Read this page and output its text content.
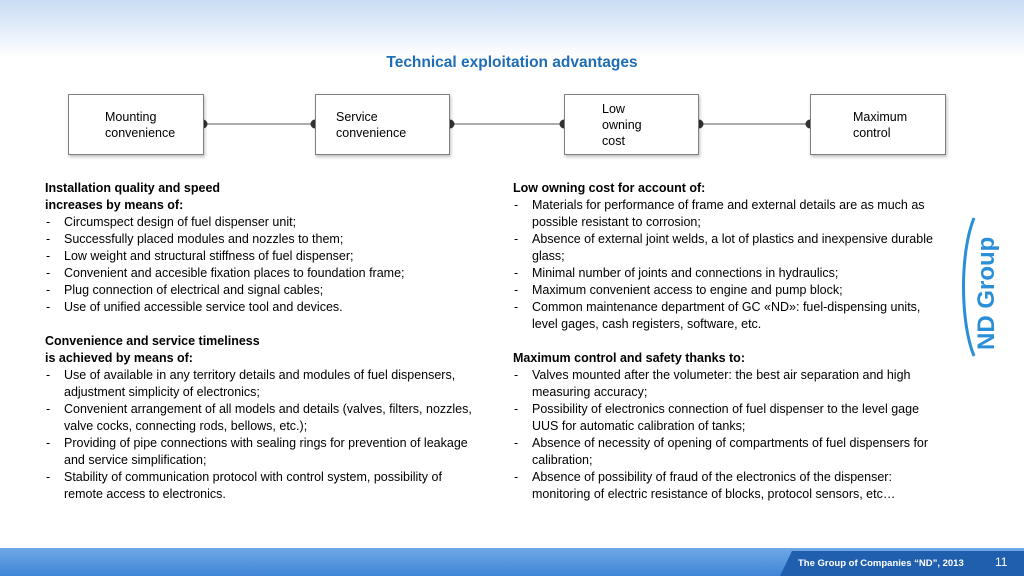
Technical exploitation advantages
Mounting convenience
Service convenience
Low owning cost
Maximum control
Installation quality and speed
increases by means of:
- Circumspect design of fuel dispenser unit;
- Successfully placed modules and nozzles to them;
- Low weight and structural stiffness of fuel dispenser;
- Convenient and accesible fixation places to foundation frame;
- Plug connection of electrical and signal cables;
- Use of unified accessible service tool and devices.
Convenience and service timeliness
is achieved by means of:
- Use of available in any territory details and modules of fuel dispensers, adjustment simplicity of electronics;
- Convenient arrangement of all models and details (valves, filters, nozzles, valve cocks, connecting rods, bellows, etc.);
- Providing of pipe connections with sealing rings for prevention of leakage and service simplification;
- Stability of communication protocol with control system, possibility of remote access to electronics.
Low owning cost for account of:
- Materials for performance of frame and external details are as much as possible resistant to corrosion;
- Absence of external joint welds, a lot of plastics and inexpensive durable glass;
- Minimal number of joints and connections in hydraulics;
- Maximum convenient access to engine and pump block;
- Common maintenance department of GC «ND»: fuel-dispensing units, level gages, cash registers, software, etc.
Maximum control and safety thanks to:
- Valves mounted after the volumeter: the best air separation and high measuring accuracy;
- Possibility of electronics connection of fuel dispenser to the level gage UUS for automatic calibration of tanks;
- Absence of necessity of opening of compartments of fuel dispensers for calibration;
- Absence of possibility of fraud of the electronics of the dispenser: monitoring of electric resistance of blocks, protocol sensors, etc…
ND Group
The Group of Companies “ND”, 2013	11
